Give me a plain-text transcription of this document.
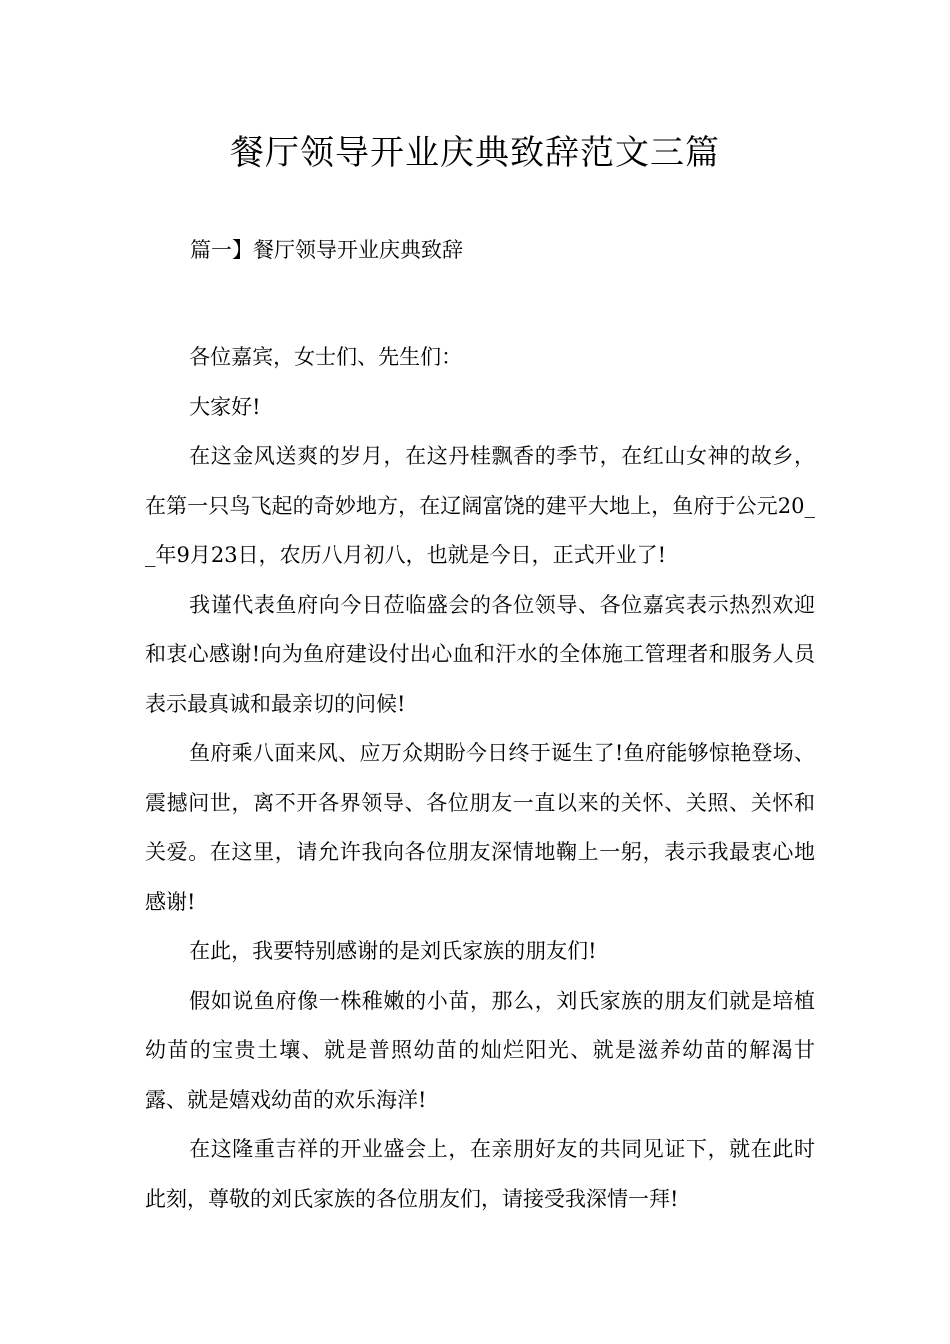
餐厅领导开业庆典致辞范文三篇

篇一】餐厅领导开业庆典致辞

各位嘉宾，女士们、先生们：

大家好!

在这金风送爽的岁月，在这丹桂飘香的季节，在红山女神的故乡，在第一只鸟飞起的奇妙地方，在辽阔富饶的建平大地上，鱼府于公元20__年9月23日，农历八月初八，也就是今日，正式开业了!

我谨代表鱼府向今日莅临盛会的各位领导、各位嘉宾表示热烈欢迎和衷心感谢!向为鱼府建设付出心血和汗水的全体施工管理者和服务人员表示最真诚和最亲切的问候!

鱼府乘八面来风、应万众期盼今日终于诞生了!鱼府能够惊艳登场、震撼问世，离不开各界领导、各位朋友一直以来的关怀、关照、关怀和关爱。在这里，请允许我向各位朋友深情地鞠上一躬，表示我最衷心地感谢!

在此，我要特别感谢的是刘氏家族的朋友们!

假如说鱼府像一株稚嫩的小苗，那么，刘氏家族的朋友们就是培植幼苗的宝贵土壤、就是普照幼苗的灿烂阳光、就是滋养幼苗的解渴甘露、就是嬉戏幼苗的欢乐海洋!

在这隆重吉祥的开业盛会上，在亲朋好友的共同见证下，就在此时此刻，尊敬的刘氏家族的各位朋友们，请接受我深情一拜!
